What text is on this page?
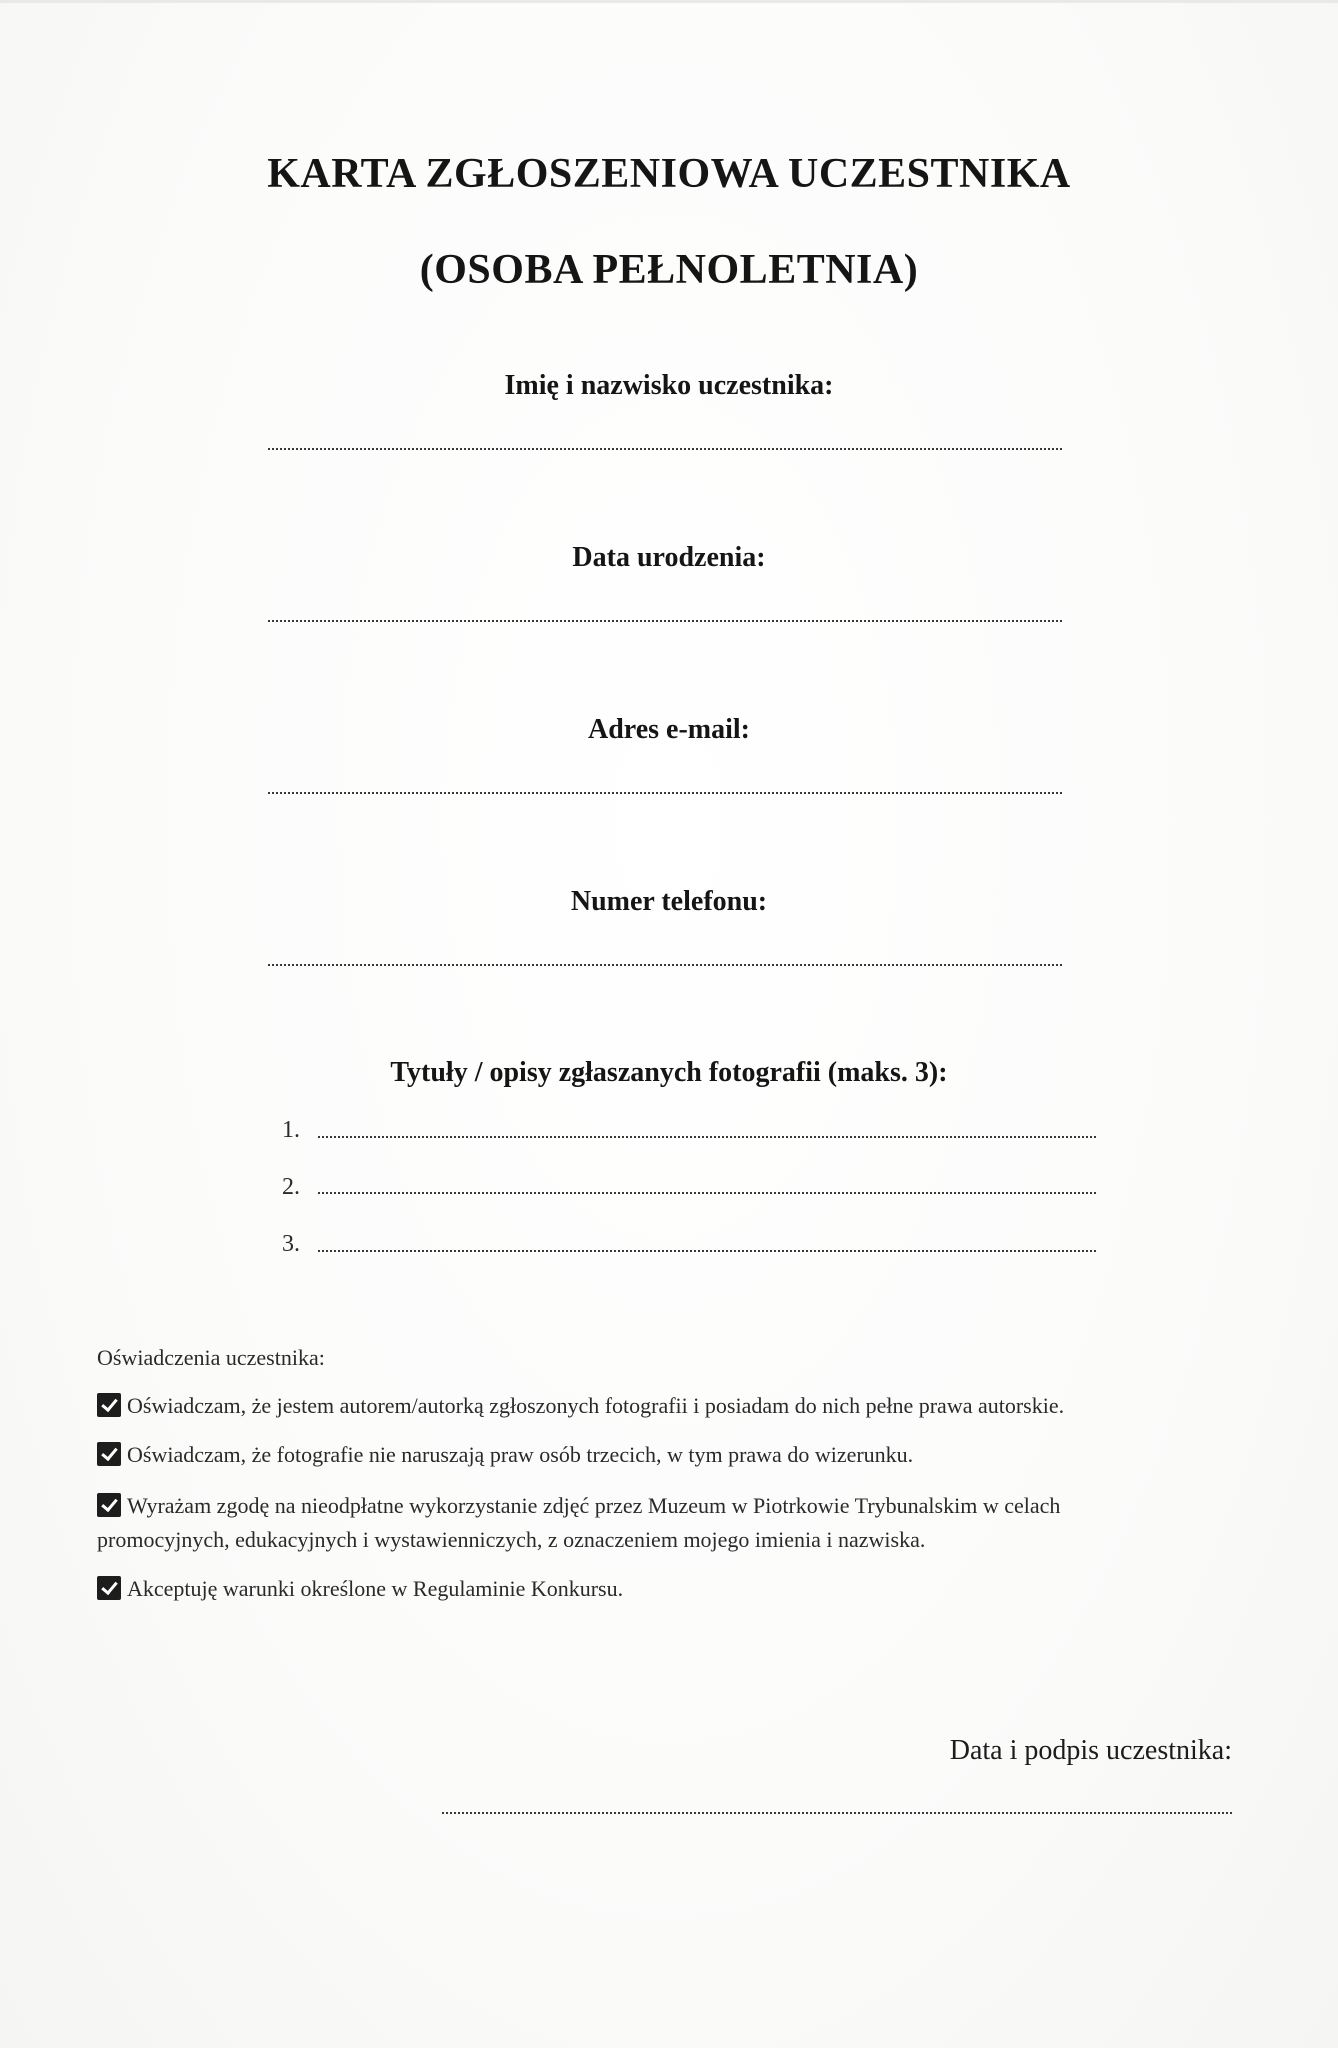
KARTA ZGŁOSZENIOWA UCZESTNIKA
(OSOBA PEŁNOLETNIA)
Imię i nazwisko uczestnika:
Data urodzenia:
Adres e-mail:
Numer telefonu:
Tytuły / opisy zgłaszanych fotografii (maks. 3):
1.
2.
3.
Oświadczenia uczestnika:
Oświadczam, że jestem autorem/autorką zgłoszonych fotografii i posiadam do nich pełne prawa autorskie.
Oświadczam, że fotografie nie naruszają praw osób trzecich, w tym prawa do wizerunku.
Wyrażam zgodę na nieodpłatne wykorzystanie zdjęć przez Muzeum w Piotrkowie Trybunalskim w celach promocyjnych, edukacyjnych i wystawienniczych, z oznaczeniem mojego imienia i nazwiska.
Akceptuję warunki określone w Regulaminie Konkursu.
Data i podpis uczestnika:
